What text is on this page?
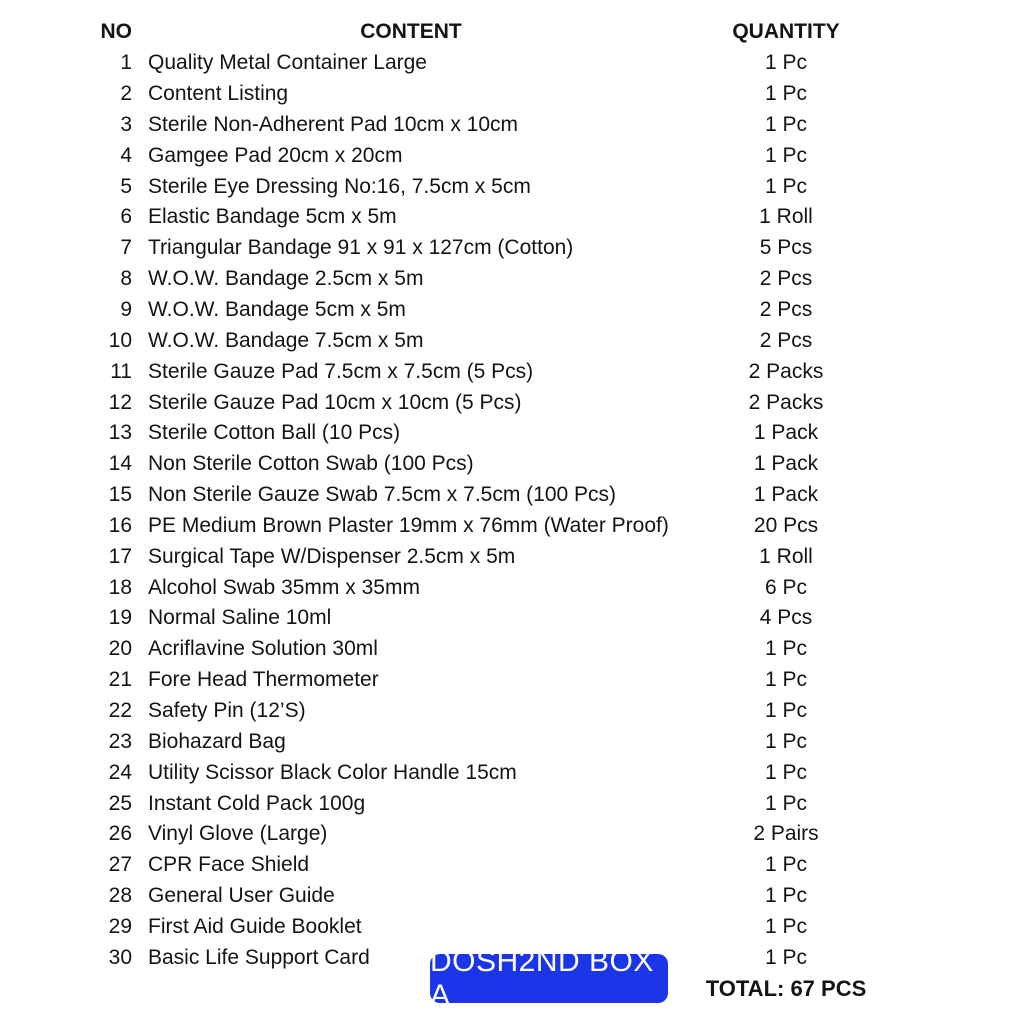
NO	CONTENT	QUANTITY
1 Quality Metal Container Large	1 Pc
2 Content Listing	1 Pc
3 Sterile Non-Adherent Pad 10cm x 10cm	1 Pc
4 Gamgee Pad 20cm x 20cm	1 Pc
5 Sterile Eye Dressing No:16, 7.5cm x 5cm	1 Pc
6 Elastic Bandage 5cm x 5m	1 Roll
7 Triangular Bandage 91 x 91 x 127cm (Cotton)	5 Pcs
8 W.O.W. Bandage 2.5cm x 5m	2 Pcs
9 W.O.W. Bandage 5cm x 5m	2 Pcs
10 W.O.W. Bandage 7.5cm x 5m	2 Pcs
11 Sterile Gauze Pad 7.5cm x 7.5cm (5 Pcs)	2 Packs
12 Sterile Gauze Pad 10cm x 10cm (5 Pcs)	2 Packs
13 Sterile Cotton Ball (10 Pcs)	1 Pack
14 Non Sterile Cotton Swab (100 Pcs)	1 Pack
15 Non Sterile Gauze Swab 7.5cm x 7.5cm (100 Pcs)	1 Pack
16 PE Medium Brown Plaster 19mm x 76mm (Water Proof)	20 Pcs
17 Surgical Tape W/Dispenser 2.5cm x 5m	1 Roll
18 Alcohol Swab 35mm x 35mm	6 Pc
19 Normal Saline 10ml	4 Pcs
20 Acriflavine Solution 30ml	1 Pc
21 Fore Head Thermometer	1 Pc
22 Safety Pin (12’S)	1 Pc
23 Biohazard Bag	1 Pc
24 Utility Scissor Black Color Handle 15cm	1 Pc
25 Instant Cold Pack 100g	1 Pc
26 Vinyl Glove (Large)	2 Pairs
27 CPR Face Shield	1 Pc
28 General User Guide	1 Pc
29 First Aid Guide Booklet	1 Pc
30 Basic Life Support Card	1 Pc
TOTAL: 67 PCS
DOSH2ND BOX A
